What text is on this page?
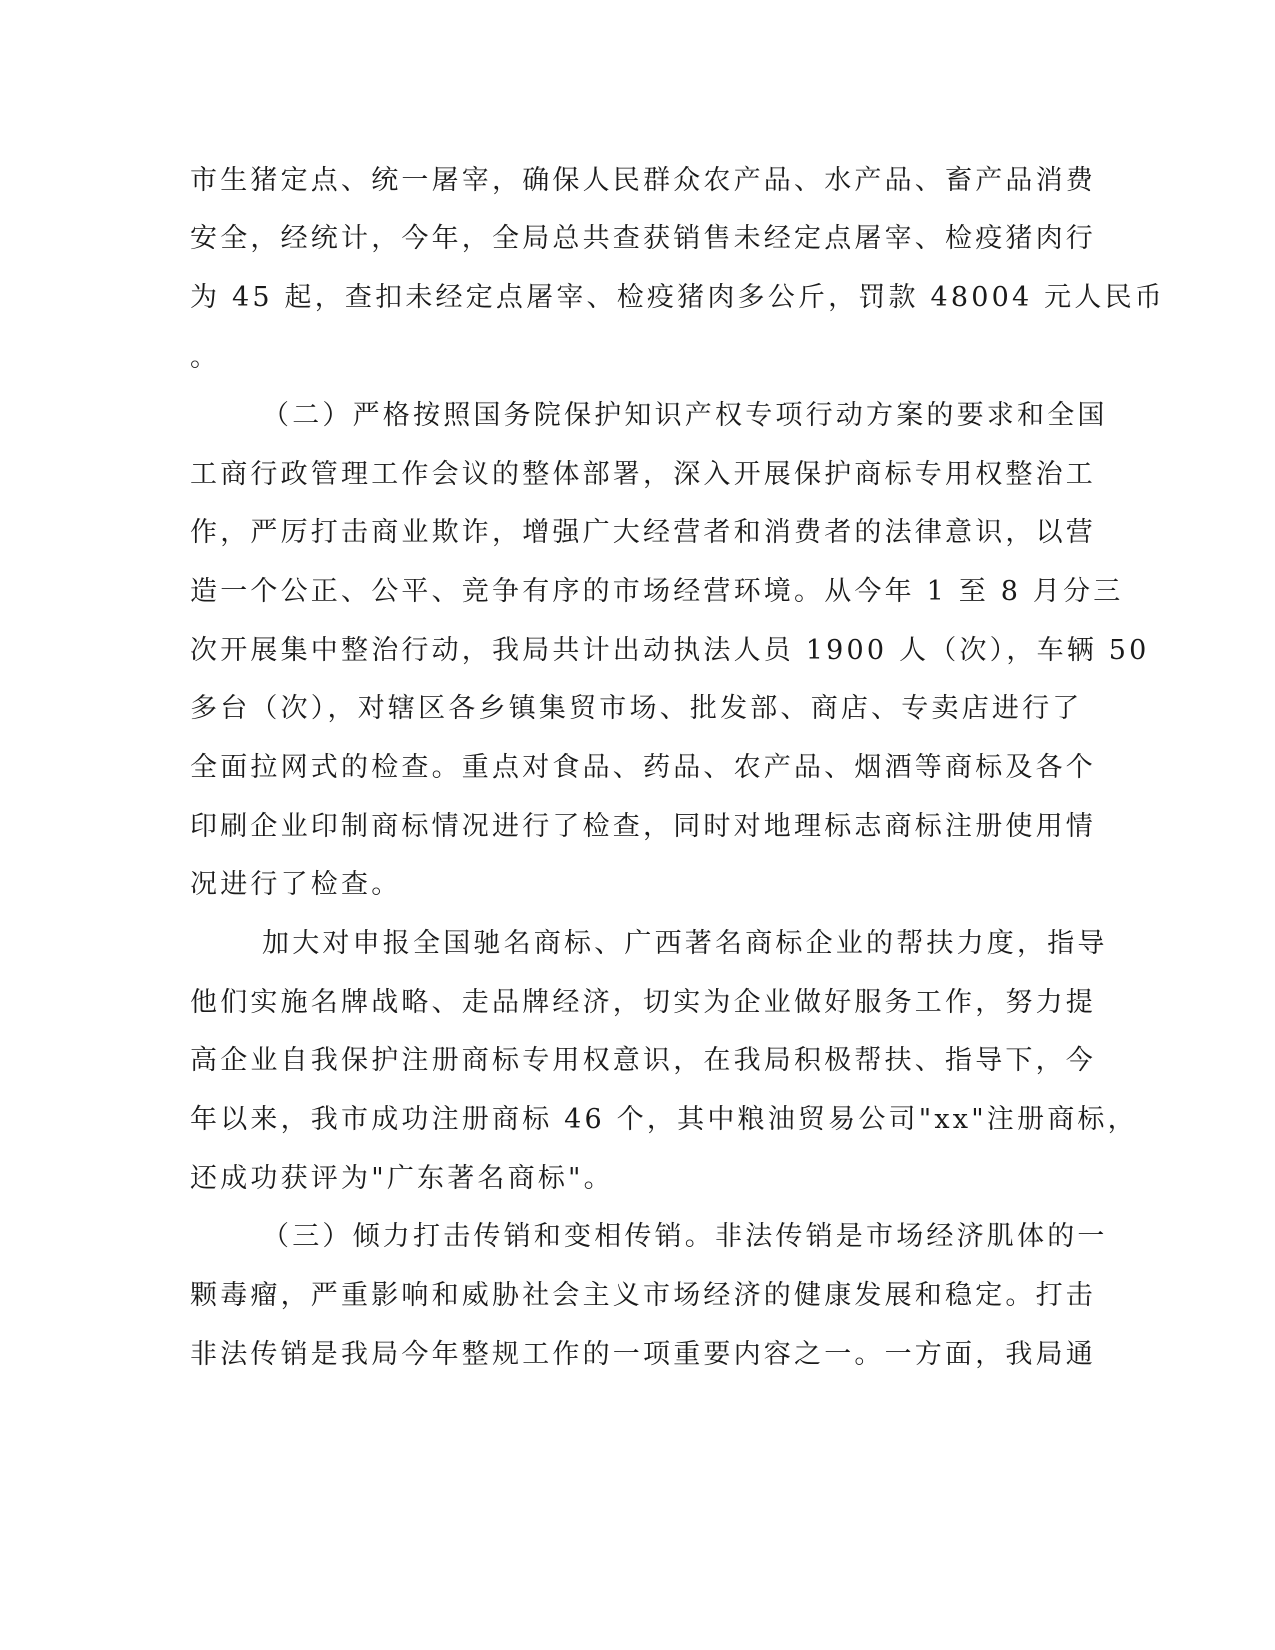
市生猪定点、统一屠宰，确保人民群众农产品、水产品、畜产品消费
安全，经统计，今年，全局总共查获销售未经定点屠宰、检疫猪肉行
为 45 起，查扣未经定点屠宰、检疫猪肉多公斤，罚款 48004 元人民币
。
（二）严格按照国务院保护知识产权专项行动方案的要求和全国
工商行政管理工作会议的整体部署，深入开展保护商标专用权整治工
作，严厉打击商业欺诈，增强广大经营者和消费者的法律意识，以营
造一个公正、公平、竞争有序的市场经营环境。从今年 1 至 8 月分三
次开展集中整治行动，我局共计出动执法人员 1900 人（次），车辆 50
多台（次），对辖区各乡镇集贸市场、批发部、商店、专卖店进行了
全面拉网式的检查。重点对食品、药品、农产品、烟酒等商标及各个
印刷企业印制商标情况进行了检查，同时对地理标志商标注册使用情
况进行了检查。
加大对申报全国驰名商标、广西著名商标企业的帮扶力度，指导
他们实施名牌战略、走品牌经济，切实为企业做好服务工作，努力提
高企业自我保护注册商标专用权意识，在我局积极帮扶、指导下，今
年以来，我市成功注册商标 46 个，其中粮油贸易公司"xx"注册商标，
还成功获评为"广东著名商标"。
（三）倾力打击传销和变相传销。非法传销是市场经济肌体的一
颗毒瘤，严重影响和威胁社会主义市场经济的健康发展和稳定。打击
非法传销是我局今年整规工作的一项重要内容之一。一方面，我局通
